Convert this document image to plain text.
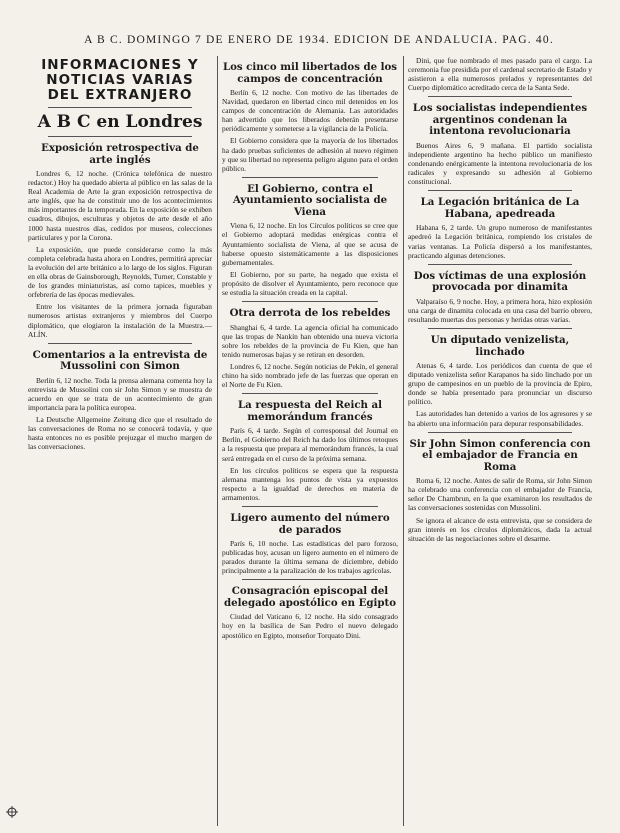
A B C. DOMINGO 7 DE ENERO DE 1934. EDICION DE ANDALUCIA. PAG. 40.
INFORMACIONES Y NOTICIAS VARIAS DEL EXTRANJERO
A B C en Londres
Exposición retrospectiva de arte inglés

Londres 6, 12 noche. (Crónica telefónica de nuestro redactor.) Hoy ha quedado abierta al público en las salas de la Real Academia de Arte la gran exposición retrospectiva de arte inglés, que ha de constituir uno de los acontecimientos más importantes de la temporada. En la exposición se exhiben cuadros, dibujos, esculturas y objetos de arte desde el año 1000 hasta nuestros días, cedidos por museos, colecciones particulares y por la Corona.

La exposición, que puede considerarse como la más completa celebrada hasta ahora en Londres, permitirá apreciar la evolución del arte británico a lo largo de los siglos. Figuran en ella obras de Gainsborough, Reynolds, Turner, Constable y de los grandes miniaturistas, así como tapices, muebles y orfebrería de las épocas medievales.

Entre los visitantes de la primera jornada figuraban numerosos artistas extranjeros y miembros del Cuerpo diplomático, que elogiaron la instalación de la Muestra.—ALÍN.

Comentarios a la entrevista de Mussolini con Simon

Berlín 6, 12 noche. Toda la prensa alemana comenta hoy la entrevista de Mussolini con sir John Simon y se muestra de acuerdo en que se trata de un acontecimiento de gran importancia para la política europea.

La Deutsche Allgemeine Zeitung dice que el resultado de las conversaciones de Roma no se conocerá todavía, y que hasta entonces no es posible prejuzgar el mucho margen de las conversaciones.

Los cinco mil libertados de los campos de concentración

Berlín 6, 12 noche. Con motivo de las libertades de Navidad, quedaron en libertad cinco mil detenidos en los campos de concentración de Alemania. Las autoridades han advertido que los liberados deberán presentarse periódicamente y someterse a la vigilancia de la Policía.

El Gobierno considera que la mayoría de los libertados ha dado pruebas suficientes de adhesión al nuevo régimen y que su libertad no representa peligro alguno para el orden público.

El Gobierno, contra el Ayuntamiento socialista de Viena

Viena 6, 12 noche. En los Círculos políticos se cree que el Gobierno adoptará medidas enérgicas contra el Ayuntamiento socialista de Viena, al que se acusa de haberse opuesto sistemáticamente a las disposiciones gubernamentales.

El Gobierno, por su parte, ha negado que exista el propósito de disolver el Ayuntamiento, pero reconoce que se estudia la situación creada en la capital.

Otra derrota de los rebeldes

Shanghai 6, 4 tarde. La agencia oficial ha comunicado que las tropas de Nankín han obtenido una nueva victoria sobre los rebeldes de la provincia de Fu Kien, que han tenido numerosas bajas y se retiran en desorden.

Londres 6, 12 noche. Según noticias de Pekín, el general chino ha sido nombrado jefe de las fuerzas que operan en el Norte de Fu Kien.

La respuesta del Reich al memorándum francés

París 6, 4 tarde. Según el corresponsal del Journal en Berlín, el Gobierno del Reich ha dado los últimos retoques a la respuesta que prepara al memorándum francés, la cual será entregada en el curso de la próxima semana.

En los círculos políticos se espera que la respuesta alemana mantenga los puntos de vista ya expuestos respecto a la igualdad de derechos en materia de armamentos.

Ligero aumento del número de parados

París 6, 10 noche. Las estadísticas del paro forzoso, publicadas hoy, acusan un ligero aumento en el número de parados durante la última semana de diciembre, debido principalmente a la paralización de los trabajos agrícolas.

Consagración episcopal del delegado apostólico en Egipto

Ciudad del Vaticano 6, 12 noche. Ha sido consagrado hoy en la basílica de San Pedro el nuevo delegado apostólico en Egipto, monseñor Torquato Dini.

Dini, que fue nombrado el mes pasado para el cargo. La ceremonia fue presidida por el cardenal secretario de Estado y asistieron a ella numerosos prelados y representantes del Cuerpo diplomático acreditado cerca de la Santa Sede.

Los socialistas independientes argentinos condenan la intentona revolucionaria

Buenos Aires 6, 9 mañana. El partido socialista independiente argentino ha hecho público un manifiesto condenando enérgicamente la intentona revolucionaria de los radicales y expresando su adhesión al Gobierno constitucional.

La Legación británica de La Habana, apedreada

Habana 6, 2 tarde. Un grupo numeroso de manifestantes apedreó la Legación británica, rompiendo los cristales de varias ventanas. La Policía dispersó a los manifestantes, practicando algunas detenciones.

Dos víctimas de una explosión provocada por dinamita

Valparaíso 6, 9 noche. Hoy, a primera hora, hizo explosión una carga de dinamita colocada en una casa del barrio obrero, resultando muertas dos personas y heridas otras varias.

Un diputado venizelista, linchado

Atenas 6, 4 tarde. Los periódicos dan cuenta de que el diputado venizelista señor Karapanos ha sido linchado por un grupo de campesinos en un pueblo de la provincia de Epiro, donde se había presentado para pronunciar un discurso político.

Las autoridades han detenido a varios de los agresores y se ha abierto una información para depurar responsabilidades.

Sir John Simon conferencia con el embajador de Francia en Roma

Roma 6, 12 noche. Antes de salir de Roma, sir John Simon ha celebrado una conferencia con el embajador de Francia, señor De Chambrun, en la que examinaron los resultados de las conversaciones sostenidas con Mussolini.

Se ignora el alcance de esta entrevista, que se considera de gran interés en los círculos diplomáticos, dada la actual situación de las negociaciones sobre el desarme.
